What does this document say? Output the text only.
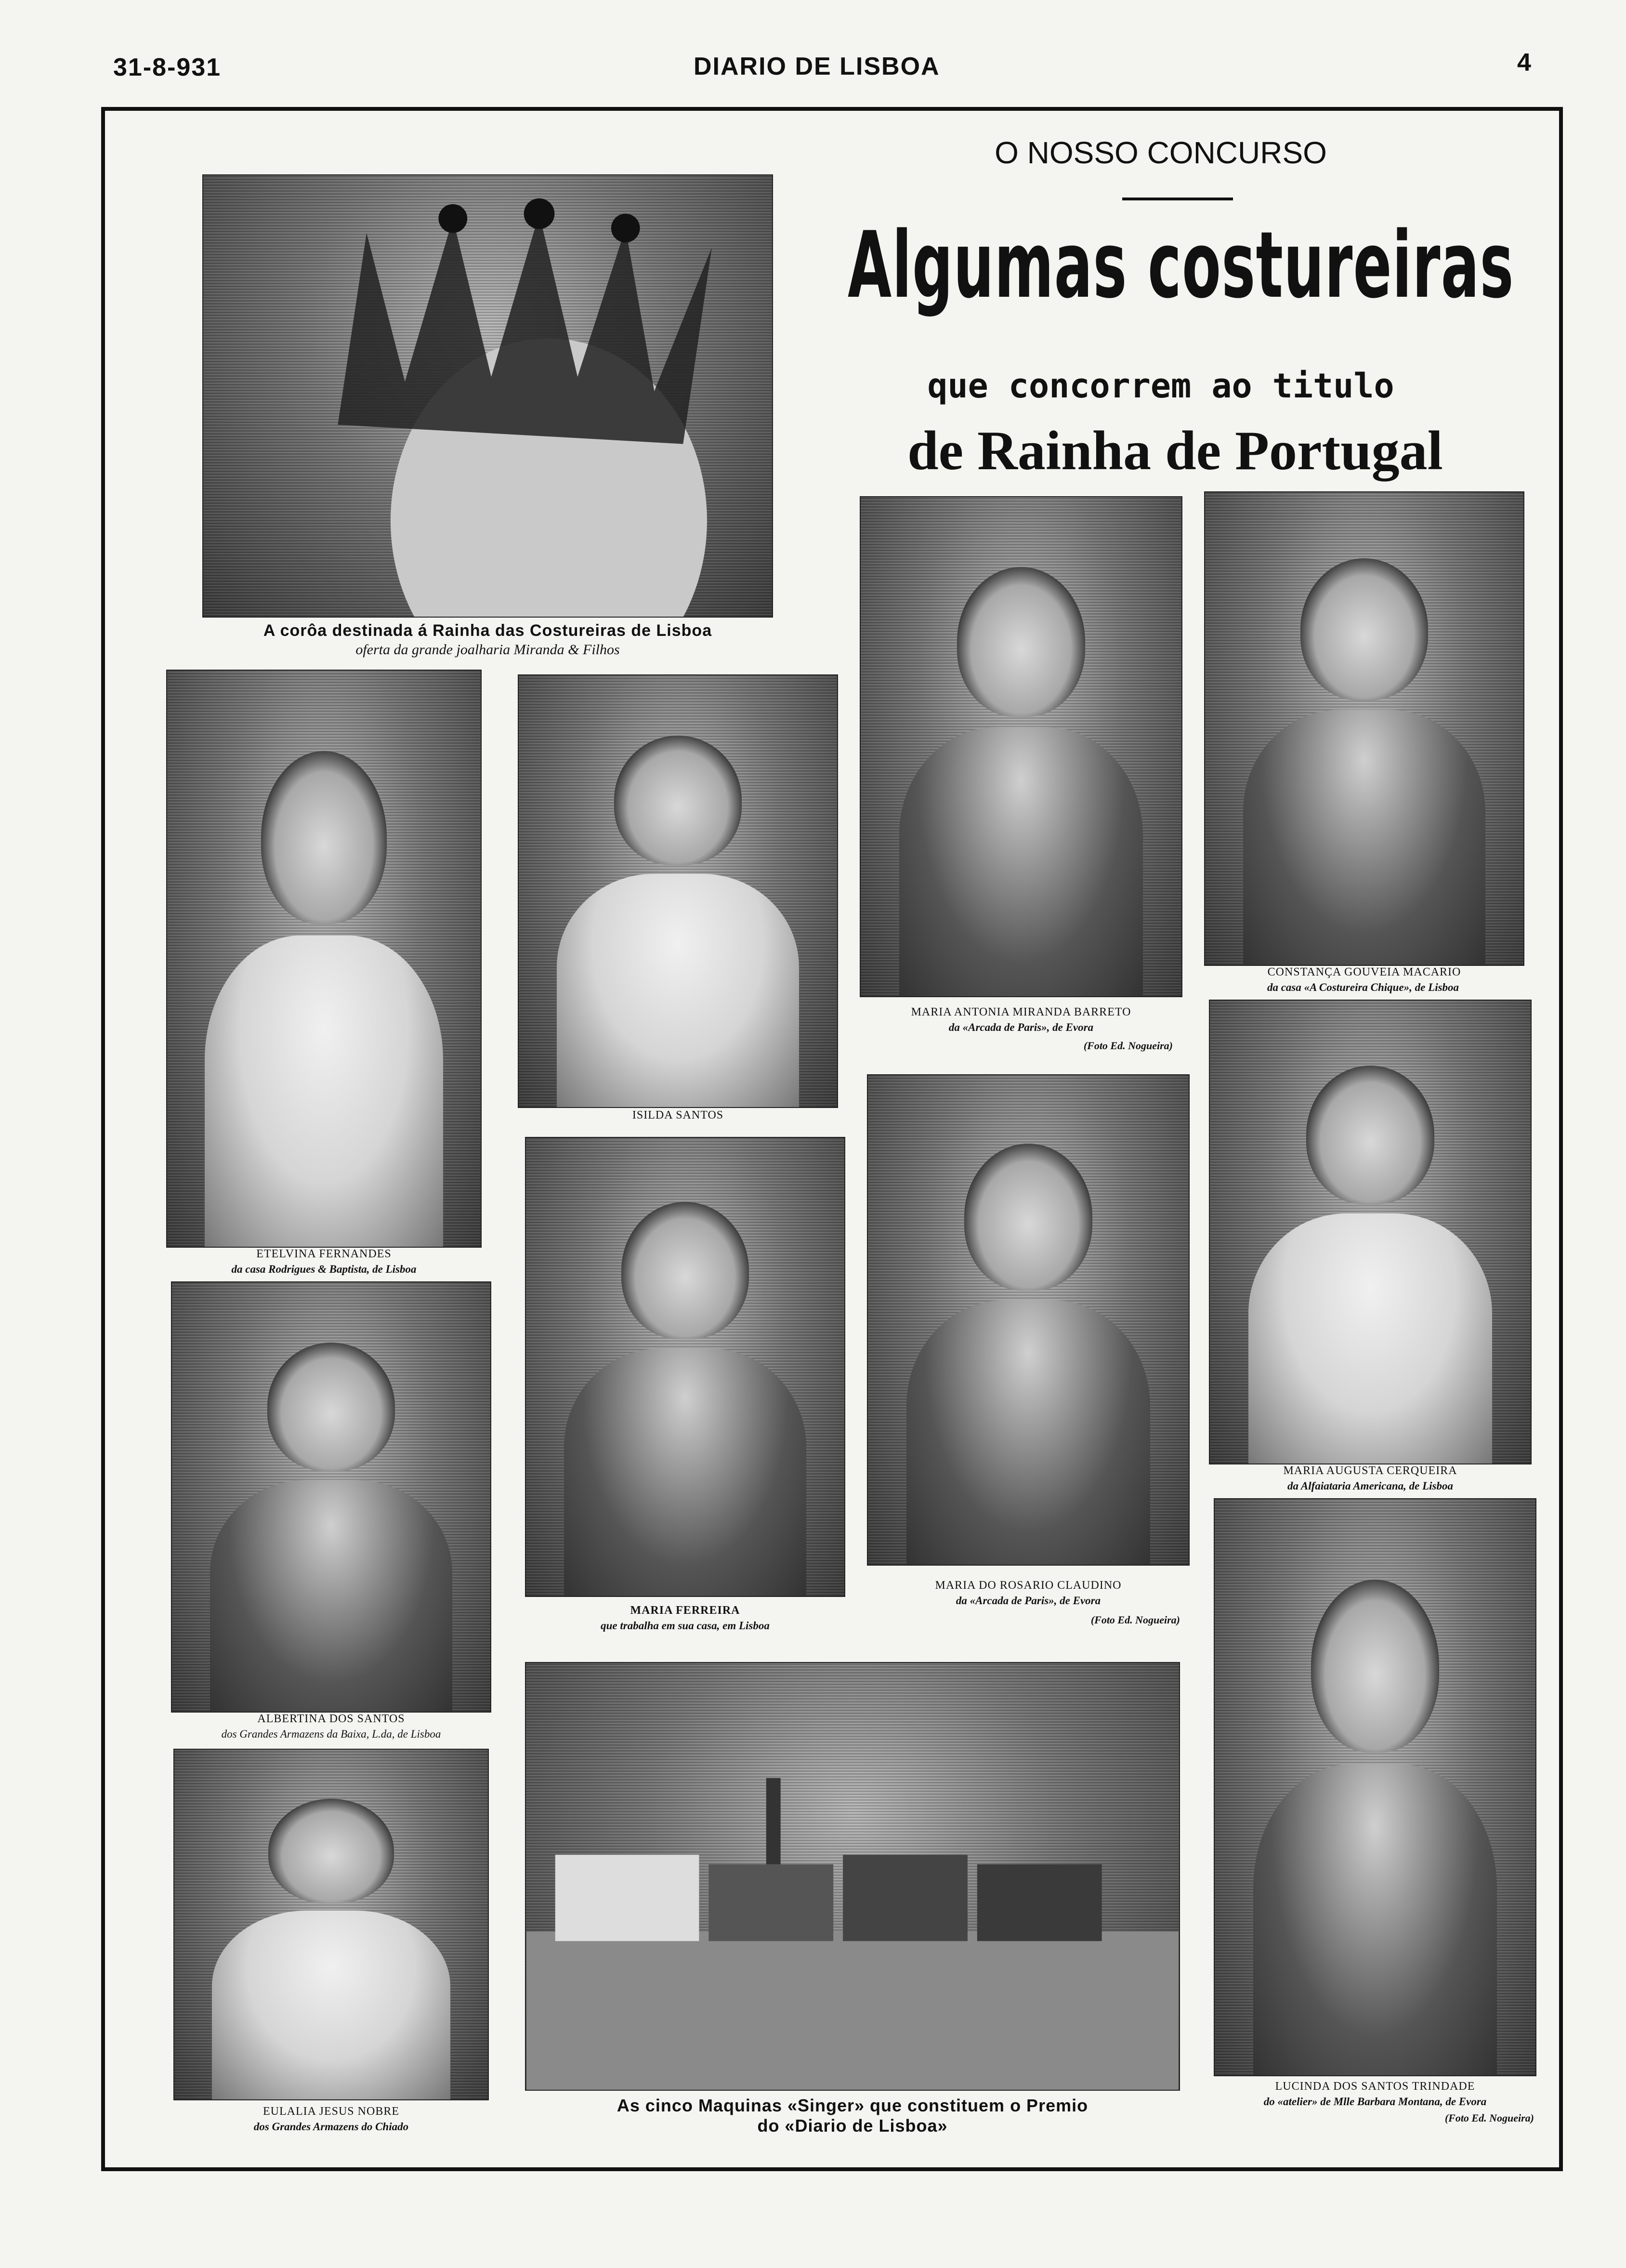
31-8-931	DIARIO DE LISBOA	4
O NOSSO CONCURSO
Algumas costureiras
que concorrem ao titulo
de Rainha de Portugal
A corôa destinada á Rainha das Costureiras de Lisboa
oferta da grande joalharia Miranda & Filhos
ETELVINA FERNANDES
da casa Rodrigues & Baptista, de Lisboa
ISILDA SANTOS
MARIA ANTONIA MIRANDA BARRETO
da «Arcada de Paris», de Evora
(Foto Ed. Nogueira)
CONSTANÇA GOUVEIA MACARIO
da casa «A Costureira Chique», de Lisboa
MARIA AUGUSTA CERQUEIRA
da Alfaiataria Americana, de Lisboa
MARIA FERREIRA
que trabalha em sua casa, em Lisboa
MARIA DO ROSARIO CLAUDINO
da «Arcada de Paris», de Evora
(Foto Ed. Nogueira)
ALBERTINA DOS SANTOS
dos Grandes Armazens da Baixa, L.da, de Lisboa
EULALIA JESUS NOBRE
dos Grandes Armazens do Chiado
As cinco Maquinas «Singer» que constituem o Premio
do «Diario de Lisboa»
LUCINDA DOS SANTOS TRINDADE
do «atelier» de Mlle Barbara Montana, de Evora
(Foto Ed. Nogueira)
